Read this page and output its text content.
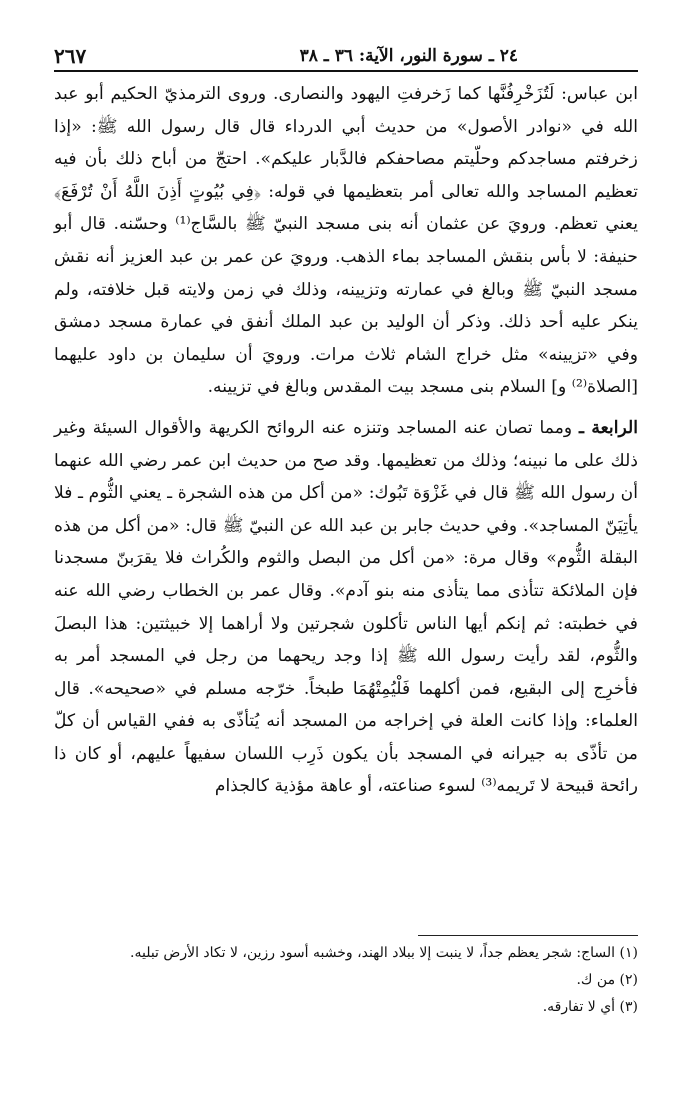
٢٦٧	٢٤ ـ سورة النور، الآية: ٣٦ ـ ٣٨

ابن عباس: لَتُزَخْرِفُنَّها كما زَخرفتِ اليهود والنصارى. وروى الترمذيّ الحكيم أبو عبد الله في «نوادر الأصول» من حديث أبي الدرداء قال قال رسول الله ﷺ: «إذا زخرفتم مساجدكم وحلّيتم مصاحفكم فالدَّبار عليكم». احتجّ من أباح ذلك بأن فيه تعظيم المساجد والله تعالى أمر بتعظيمها في قوله: ﴿فِي بُيُوتٍ أَذِنَ اللَّهُ أَنْ تُرْفَعَ﴾ يعني تعظم. ورويَ عن عثمان أنه بنى مسجد النبيّ ﷺ بالسَّاج⁽¹⁾ وحسّنه. قال أبو حنيفة: لا بأس بنقش المساجد بماء الذهب. ورويَ عن عمر بن عبد العزيز أنه نقش مسجد النبيّ ﷺ وبالغ في عمارته وتزيينه، وذلك في زمن ولايته قبل خلافته، ولم ينكر عليه أحد ذلك. وذكر أن الوليد بن عبد الملك أنفق في عمارة مسجد دمشق وفي «تزيينه» مثل خراج الشام ثلاث مرات. ورويَ أن سليمان بن داود عليهما [الصلاة⁽²⁾ و] السلام بنى مسجد بيت المقدس وبالغ في تزيينه.

الرابعة ـ ومما تصان عنه المساجد وتنزه عنه الروائح الكريهة والأقوال السيئة وغير ذلك على ما نبينه؛ وذلك من تعظيمها. وقد صح من حديث ابن عمر رضي الله عنهما أن رسول الله ﷺ قال في غَزْوَة تَبُوك: «من أكل من هذه الشجرة ـ يعني الثُّوم ـ فلا يأتِيَنّ المساجد». وفي حديث جابر بن عبد الله عن النبيّ ﷺ قال: «من أكل من هذه البقلة الثُّوم» وقال مرة: «من أكل من البصل والثوم والكُراث فلا يقرَبنّ مسجدنا فإن الملائكة تتأذى مما يتأذى منه بنو آدم». وقال عمر بن الخطاب رضي الله عنه في خطبته: ثم إنكم أيها الناس تأكلون شجرتين ولا أراهما إلا خبيثتين: هذا البصلَ والثُّوم، لقد رأيت رسول الله ﷺ إذا وجد ريحهما من رجل في المسجد أمر به فأخرِج إلى البقيع، فمن أكلهما فَلْيُمِتْهُمَا طبخاً. خرّجه مسلم في «صحيحه». قال العلماء: وإذا كانت العلة في إخراجه من المسجد أنه يُتأذّى به ففي القياس أن كلّ من تأذّى به جيرانه في المسجد بأن يكون ذَرِب اللسان سفيهاً عليهم، أو كان ذا رائحة قبيحة لا تَريمه⁽³⁾ لسوء صناعته، أو عاهة مؤذية كالجذام

(١) الساج: شجر يعظم جداً، لا ينبت إلا ببلاد الهند، وخشبه أسود رزين، لا تكاد الأرض تبليه.
(٢) من ك.
(٣) أي لا تفارقه.
